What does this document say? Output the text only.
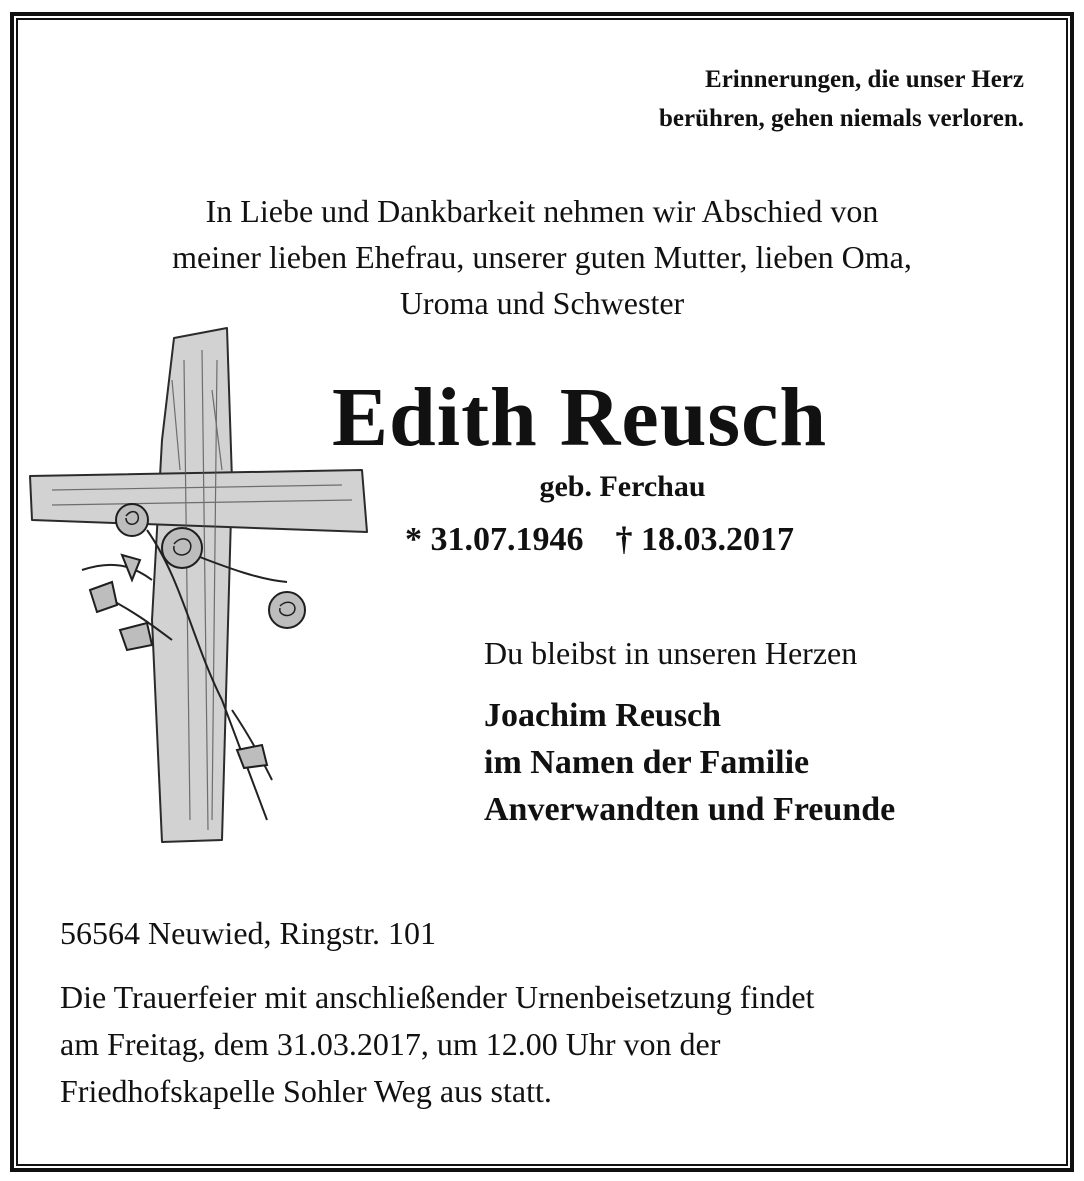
Erinnerungen, die unser Herz
berühren, gehen niemals verloren.
In Liebe und Dankbarkeit nehmen wir Abschied von
meiner lieben Ehefrau, unserer guten Mutter, lieben Oma,
Uroma und Schwester
Edith Reusch
geb. Ferchau
* 31.07.1946 † 18.03.2017
Du bleibst in unseren Herzen
Joachim Reusch
im Namen der Familie
Anverwandten und Freunde
56564 Neuwied, Ringstr. 101
Die Trauerfeier mit anschließender Urnenbeisetzung findet
am Freitag, dem 31.03.2017, um 12.00 Uhr von der
Friedhofskapelle Sohler Weg aus statt.
